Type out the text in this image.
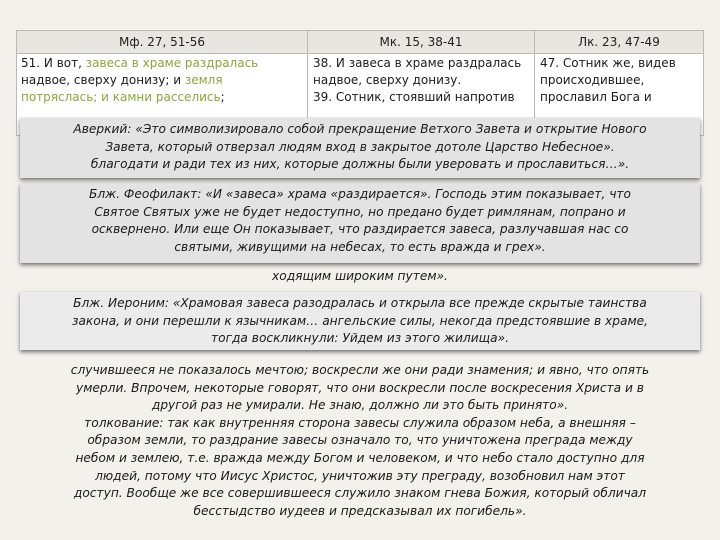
Мф. 27, 51-56	Мк. 15, 38-41	Лк. 23, 47-49
51. И вот, завеса в храме раздралась
надвое, сверху донизу; и земля
потряслась; и камни расселись;
38. И завеса в храме раздралась
надвое, сверху донизу.
39. Сотник, стоявший напротив
47. Сотник же, видев
происходившее,
прославил Бога и
Аверкий: «Это символизировало собой прекращение Ветхого Завета и открытие Нового
Завета, который отверзал людям вход в закрытое дотоле Царство Небесное».
благодати и ради тех из них, которые должны были уверовать и прославиться…».
Блж. Феофилакт: «И «завеса» храма «раздирается». Господь этим показывает, что
Святое Святых уже не будет недоступно, но предано будет римлянам, попрано и
осквернено. Или еще Он показывает, что раздирается завеса, разлучавшая нас со
святыми, живущими на небесах, то есть вражда и грех».
ходящим широким путем».
Блж. Иероним: «Храмовая завеса разодралась и открыла все прежде скрытые таинства
закона, и они перешли к язычникам… ангельские силы, некогда предстоявшие в храме,
тогда воскликнули: Уйдем из этого жилища».
случившееся не показалось мечтою; воскресли же они ради знамения; и явно, что опять
умерли. Впрочем, некоторые говорят, что они воскресли после воскресения Христа и в
другой раз не умирали. Не знаю, должно ли это быть принято».
толкование: так как внутренняя сторона завесы служила образом неба, а внешняя –
образом земли, то раздрание завесы означало то, что уничтожена преграда между
небом и землею, т.е. вражда между Богом и человеком, и что небо стало доступно для
людей, потому что Иисус Христос, уничтожив эту преграду, возобновил нам этот
доступ. Вообще же все совершившееся служило знаком гнева Божия, который обличал
бесстыдство иудеев и предсказывал их погибель».
